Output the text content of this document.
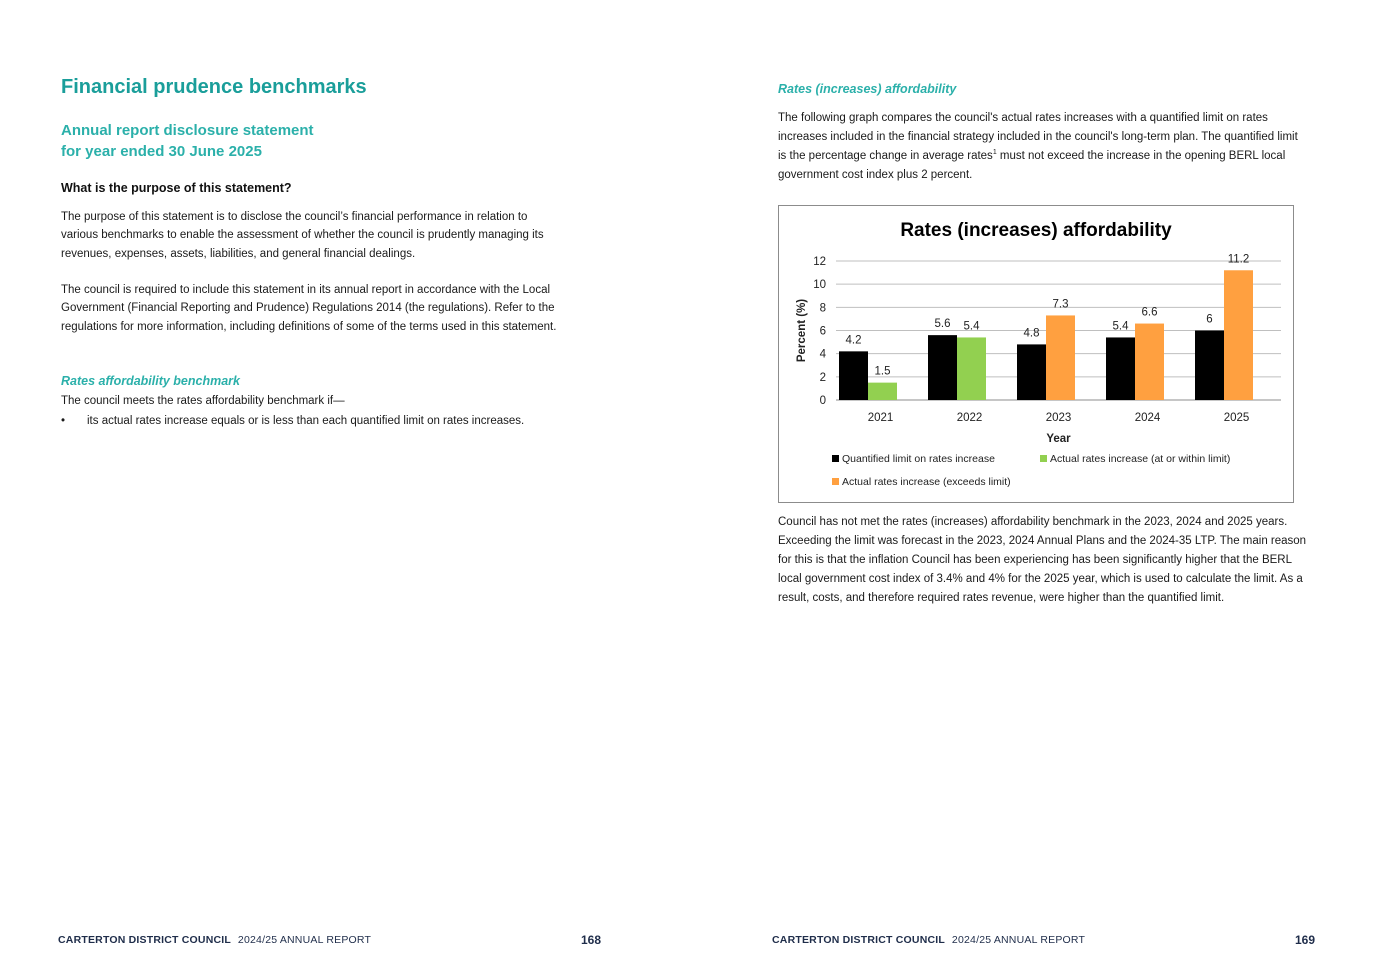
Financial prudence benchmarks
Annual report disclosure statement
for year ended 30 June 2025
What is the purpose of this statement?

The purpose of this statement is to disclose the council’s financial performance in relation to various benchmarks to enable the assessment of whether the council is prudently managing its revenues, expenses, assets, liabilities, and general financial dealings.

The council is required to include this statement in its annual report in accordance with the Local Government (Financial Reporting and Prudence) Regulations 2014 (the regulations). Refer to the regulations for more information, including definitions of some of the terms used in this statement.

Rates affordability benchmark
The council meets the rates affordability benchmark if—
• its actual rates increase equals or is less than each quantified limit on rates increases.
CARTERTON DISTRICT COUNCIL 2024/25 ANNUAL REPORT	168
Rates (increases) affordability

The following graph compares the council's actual rates increases with a quantified limit on rates increases included in the financial strategy included in the council's long-term plan. The quantified limit is the percentage change in average rates$^1$ must not exceed the increase in the opening BERL local government cost index plus 2 percent.

Rates (increases) affordability
0
2
4
6
8
10
12
Percent (%)	4.2
1.5
2021
5.6 5.4
2022
4.8
7.3
2023
5.4
6.6
2024
6
11.2
2025
Year
Quantified limit on rates increase	Actual rates increase (at or within limit)
Actual rates increase (exceeds limit)

Council has not met the rates (increases) affordability benchmark in the 2023, 2024 and 2025 years. Exceeding the limit was forecast in the 2023, 2024 Annual Plans and the 2024-35 LTP. The main reason for this is that the inflation Council has been experiencing has been significantly higher that the BERL local government cost index of 3.4% and 4% for the 2025 year, which is used to calculate the limit. As a result, costs, and therefore required rates revenue, were higher than the quantified limit.

CARTERTON DISTRICT COUNCIL 2024/25 ANNUAL REPORT	169
